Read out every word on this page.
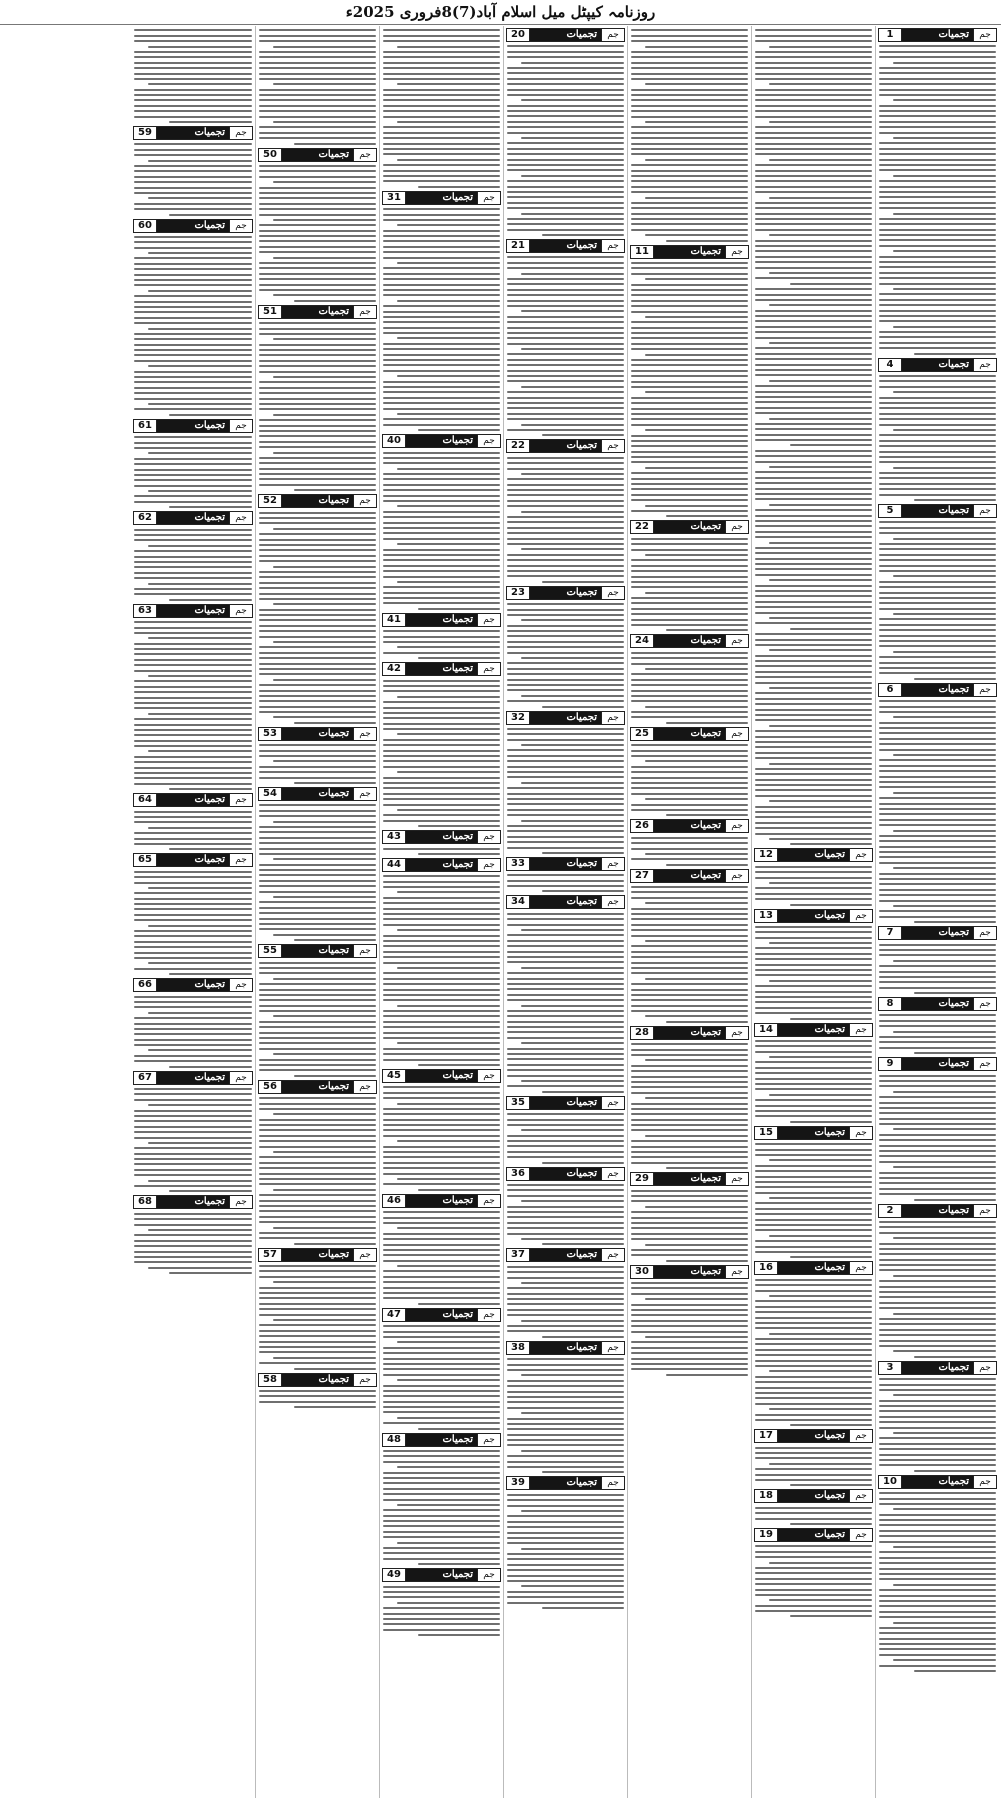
روزنامہ کیپٹل میل اسلام آباد(7)8فروری 2025ء
1	تجمیات	جم
4	تجمیات	جم
5	تجمیات	جم
6	تجمیات	جم
7	تجمیات	جم
8	تجمیات	جم
9	تجمیات	جم
2	تجمیات	جم
3	تجمیات	جم
10	تجمیات	جم
12	تجمیات	جم
13	تجمیات	جم
14	تجمیات	جم
15	تجمیات	جم
16	تجمیات	جم
17	تجمیات	جم
18	تجمیات	جم
19	تجمیات	جم
11	تجمیات	جم
22	تجمیات	جم
24	تجمیات	جم
25	تجمیات	جم
26	تجمیات	جم
27	تجمیات	جم
28	تجمیات	جم
29	تجمیات	جم
30	تجمیات	جم
20	تجمیات	جم
21	تجمیات	جم
22	تجمیات	جم
23	تجمیات	جم
32	تجمیات	جم
33	تجمیات	جم
34	تجمیات	جم
35	تجمیات	جم
36	تجمیات	جم
37	تجمیات	جم
38	تجمیات	جم
39	تجمیات	جم
31	تجمیات	جم
40	تجمیات	جم
41	تجمیات	جم
42	تجمیات	جم
43	تجمیات	جم
44	تجمیات	جم
45	تجمیات	جم
46	تجمیات	جم
47	تجمیات	جم
48	تجمیات	جم
49	تجمیات	جم
50	تجمیات	جم
51	تجمیات	جم
52	تجمیات	جم
53	تجمیات	جم
54	تجمیات	جم
55	تجمیات	جم
56	تجمیات	جم
57	تجمیات	جم
58	تجمیات	جم
59	تجمیات	جم
60	تجمیات	جم
61	تجمیات	جم
62	تجمیات	جم
63	تجمیات	جم
64	تجمیات	جم
65	تجمیات	جم
66	تجمیات	جم
67	تجمیات	جم
68	تجمیات	جم
